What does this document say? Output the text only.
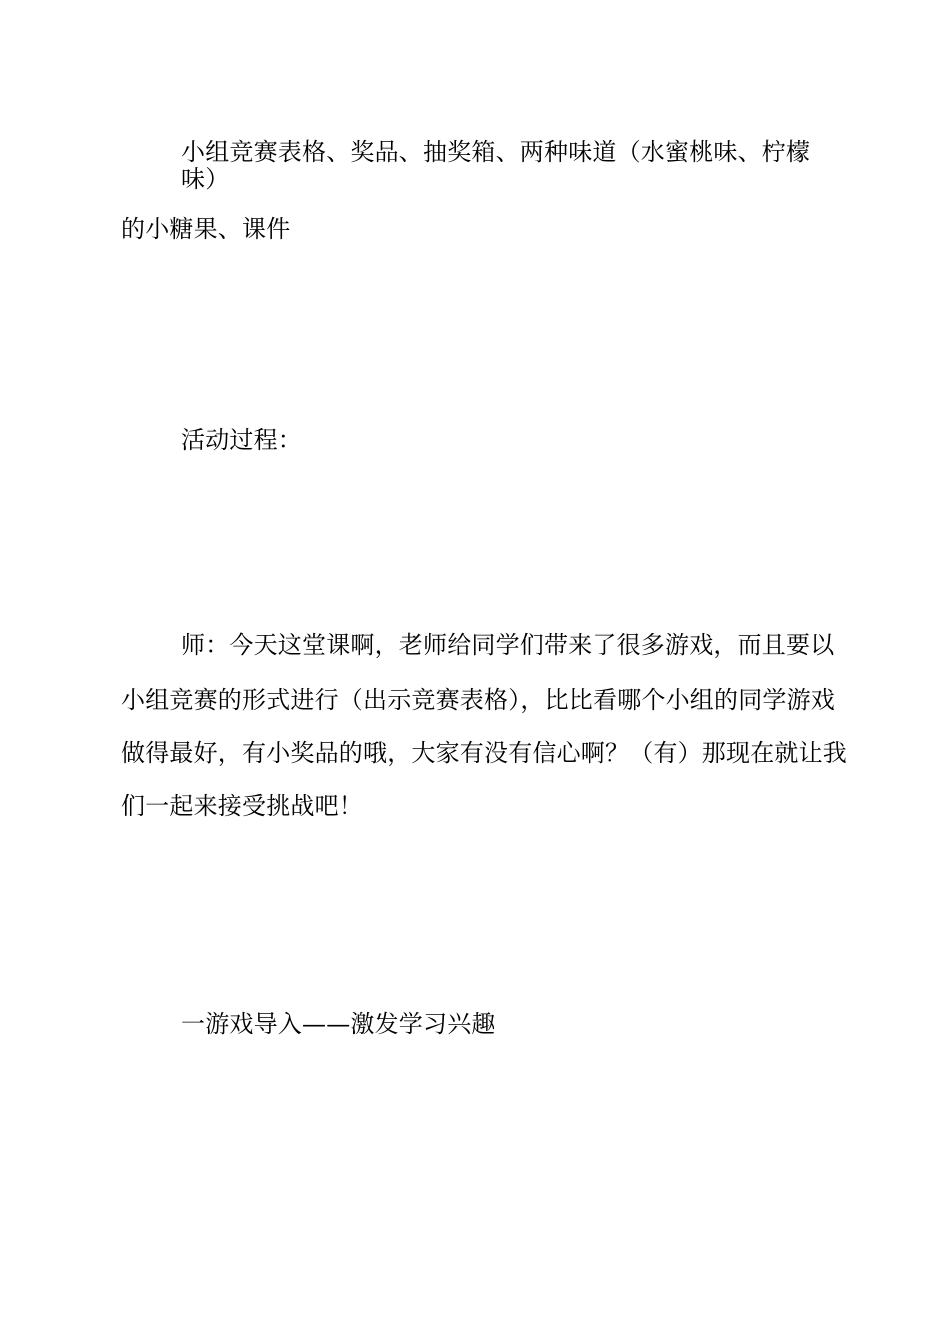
小组竞赛表格、奖品、抽奖箱、两种味道（水蜜桃味、柠檬
味）
的小糖果、课件
活动过程：
师：今天这堂课啊，老师给同学们带来了很多游戏，而且要以
小组竞赛的形式进行（出示竞赛表格），比比看哪个小组的同学游戏
做得最好，有小奖品的哦，大家有没有信心啊？（有）那现在就让我
们一起来接受挑战吧！
一游戏导入——激发学习兴趣
